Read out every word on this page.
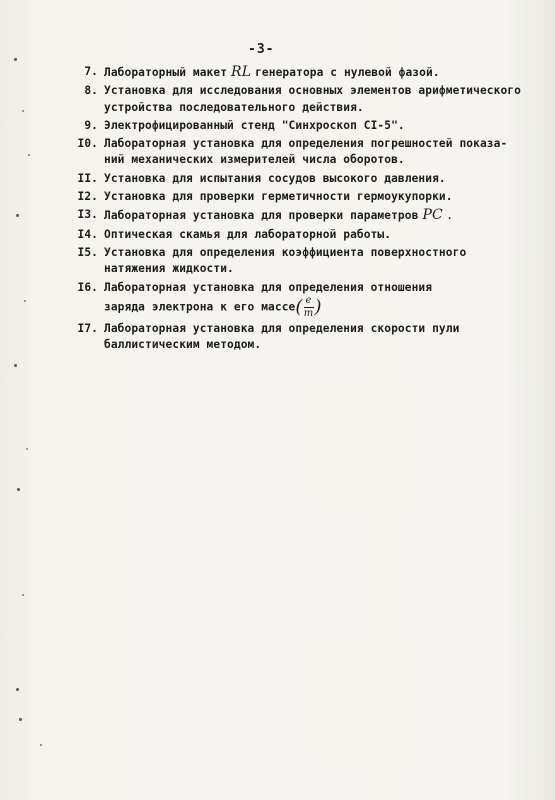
-3-
7. Лабораторный макет RL генератора с нулевой фазой.
8. Установка для исследования основных элементов арифметического
устройства последовательного действия.
9. Электрофицированный стенд "Синхроскоп CI-5".
I0. Лабораторная установка для определения погрешностей показа-
ний механических измерителей числа оборотов.
II. Установка для испытания сосудов высокого давления.
I2. Установка для проверки герметичности гермоукупорки.
I3. Лабораторная установка для проверки параметров PC .
I4. Оптическая скамья для лабораторной работы.
I5. Установка для определения коэффициента поверхностного
натяжения жидкости.
I6. Лабораторная установка для определения отношения
заряда электрона к его массе( $\frac{e}{m}$ )
I7. Лабораторная установка для определения скорости пули
баллистическим методом.
